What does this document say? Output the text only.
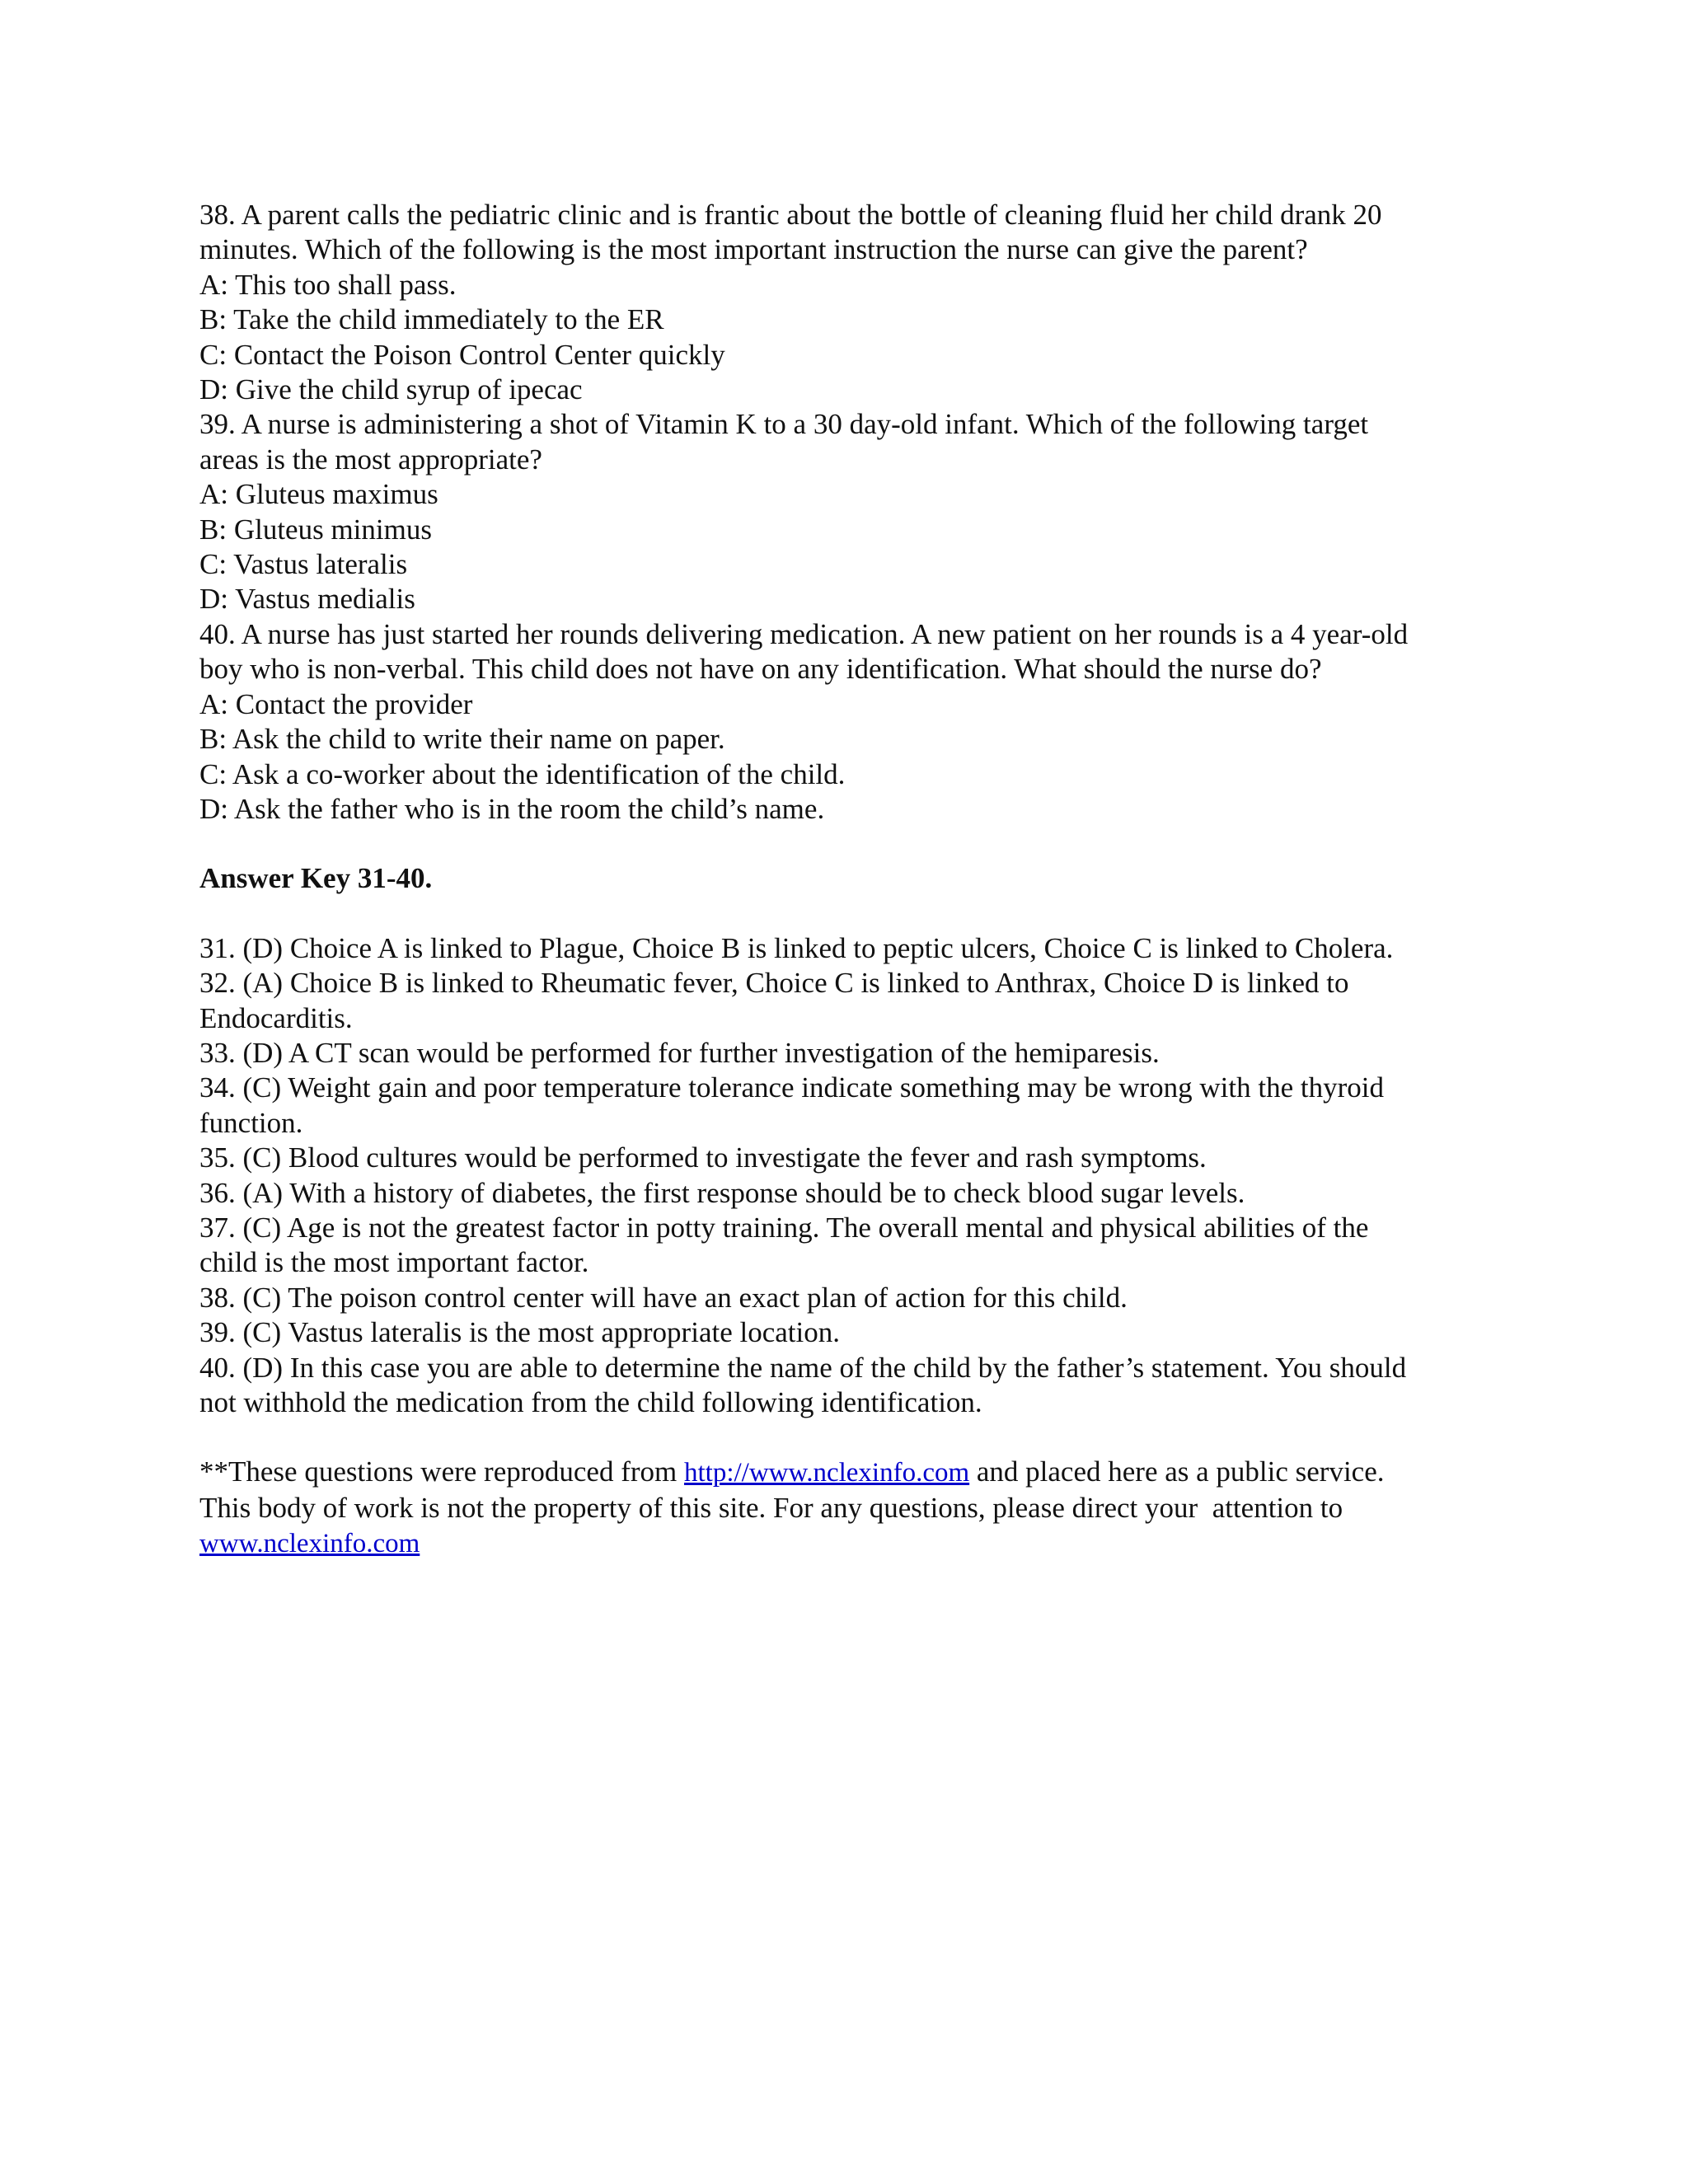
38. A parent calls the pediatric clinic and is frantic about the bottle of cleaning fluid her child drank 20
minutes. Which of the following is the most important instruction the nurse can give the parent?
A: This too shall pass.
B: Take the child immediately to the ER
C: Contact the Poison Control Center quickly
D: Give the child syrup of ipecac
39. A nurse is administering a shot of Vitamin K to a 30 day-old infant. Which of the following target
areas is the most appropriate?
A: Gluteus maximus
B: Gluteus minimus
C: Vastus lateralis
D: Vastus medialis
40. A nurse has just started her rounds delivering medication. A new patient on her rounds is a 4 year-old
boy who is non-verbal. This child does not have on any identification. What should the nurse do?
A: Contact the provider
B: Ask the child to write their name on paper.
C: Ask a co-worker about the identification of the child.
D: Ask the father who is in the room the child’s name.
Answer Key 31-40.
31. (D) Choice A is linked to Plague, Choice B is linked to peptic ulcers, Choice C is linked to Cholera.
32. (A) Choice B is linked to Rheumatic fever, Choice C is linked to Anthrax, Choice D is linked to
Endocarditis.
33. (D) A CT scan would be performed for further investigation of the hemiparesis.
34. (C) Weight gain and poor temperature tolerance indicate something may be wrong with the thyroid
function.
35. (C) Blood cultures would be performed to investigate the fever and rash symptoms.
36. (A) With a history of diabetes, the first response should be to check blood sugar levels.
37. (C) Age is not the greatest factor in potty training. The overall mental and physical abilities of the
child is the most important factor.
38. (C) The poison control center will have an exact plan of action for this child.
39. (C) Vastus lateralis is the most appropriate location.
40. (D) In this case you are able to determine the name of the child by the father’s statement. You should
not withhold the medication from the child following identification.
**These questions were reproduced from http://www.nclexinfo.com and placed here as a public service.
This body of work is not the property of this site. For any questions, please direct your  attention to
www.nclexinfo.com
